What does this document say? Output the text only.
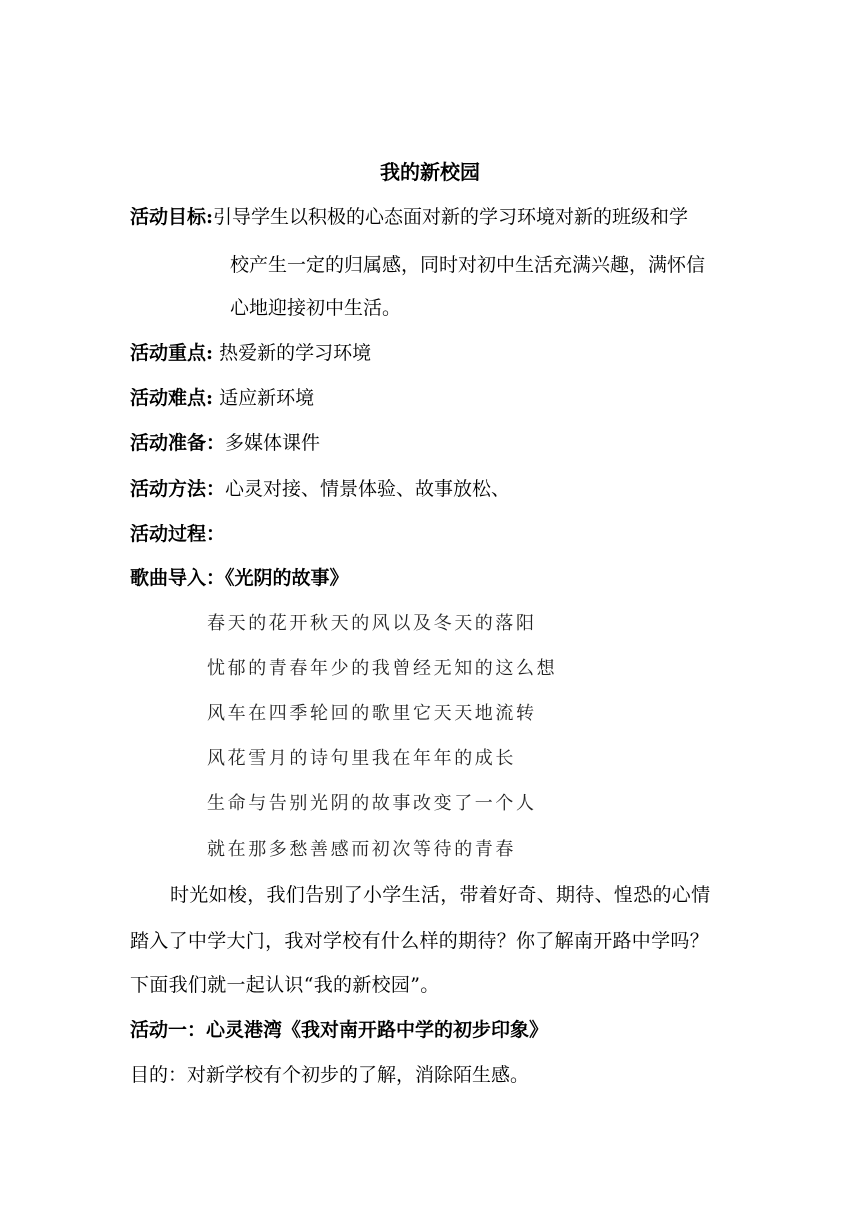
我的新校园
活动目标:引导学生以积极的心态面对新的学习环境对新的班级和学
校产生一定的归属感，同时对初中生活充满兴趣，满怀信
心地迎接初中生活。
活动重点: 热爱新的学习环境
活动难点: 适应新环境
活动准备：多媒体课件
活动方法：心灵对接、情景体验、故事放松、
活动过程：
歌曲导入：《光阴的故事》
春天的花开秋天的风以及冬天的落阳
忧郁的青春年少的我曾经无知的这么想
风车在四季轮回的歌里它天天地流转
风花雪月的诗句里我在年年的成长
生命与告别光阴的故事改变了一个人
就在那多愁善感而初次等待的青春
时光如梭，我们告别了小学生活，带着好奇、期待、惶恐的心情
踏入了中学大门，我对学校有什么样的期待？你了解南开路中学吗？
下面我们就一起认识“我的新校园”。
活动一：心灵港湾《我对南开路中学的初步印象》
目的：对新学校有个初步的了解，消除陌生感。
